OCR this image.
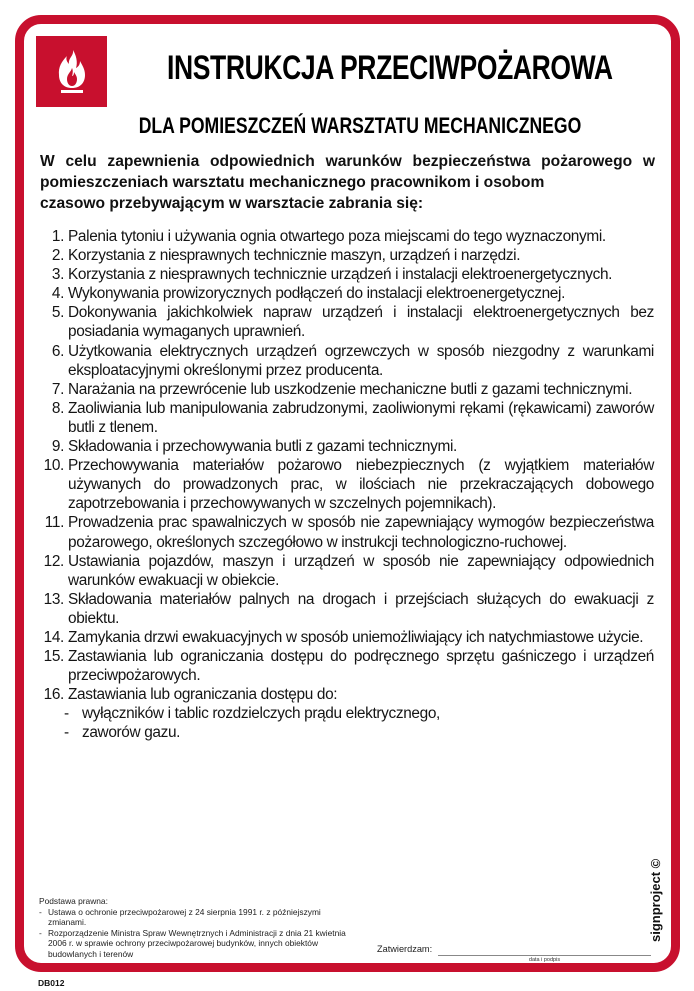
INSTRUKCJA PRZECIWPOŻAROWA
DLA POMIESZCZEŃ WARSZTATU MECHANICZNEGO
W celu zapewnienia odpowiednich warunków bezpieczeństwa pożarowego w pomieszczeniach warsztatu mechanicznego pracownikom i osobom
czasowo przebywającym w warsztacie zabrania się:
1. Palenia tytoniu i używania ognia otwartego poza miejscami do tego wyznaczonymi.
2. Korzystania z niesprawnych technicznie maszyn, urządzeń i narzędzi.
3. Korzystania z niesprawnych technicznie urządzeń i instalacji elektroenergetycznych.
4. Wykonywania prowizorycznych podłączeń do instalacji elektroenergetycznej.
5. Dokonywania jakichkolwiek napraw urządzeń i instalacji elektroenergetycznych bez posiadania wymaganych uprawnień.
6. Użytkowania elektrycznych urządzeń ogrzewczych w sposób niezgodny z warunkami eksploatacyjnymi określonymi przez producenta.
7. Narażania na przewrócenie lub uszkodzenie mechaniczne butli z gazami technicznymi.
8. Zaoliwiania lub manipulowania zabrudzonymi, zaoliwionymi rękami (rękawicami) zaworów butli z tlenem.
9. Składowania i przechowywania butli z gazami technicznymi.
10. Przechowywania materiałów pożarowo niebezpiecznych (z wyjątkiem materiałów używanych do prowadzonych prac, w ilościach nie przekraczających dobowego zapotrzebowania i przechowywanych w szczelnych pojemnikach).
11. Prowadzenia prac spawalniczych w sposób nie zapewniający wymogów bezpieczeństwa pożarowego, określonych szczegółowo w instrukcji technologiczno-ruchowej.
12. Ustawiania pojazdów, maszyn i urządzeń w sposób nie zapewniający odpowiednich warunków ewakuacji w obiekcie.
13. Składowania materiałów palnych na drogach i przejściach służących do ewakuacji z obiektu.
14. Zamykania drzwi ewakuacyjnych w sposób uniemożliwiający ich natychmiastowe użycie.
15. Zastawiania lub ograniczania dostępu do podręcznego sprzętu gaśniczego i urządzeń przeciwpożarowych.
16. Zastawiania lub ograniczania dostępu do:
- wyłączników i tablic rozdzielczych prądu elektrycznego,
- zaworów gazu.
Podstawa prawna:
- Ustawa o ochronie przeciwpożarowej z 24 sierpnia 1991 r. z późniejszymi zmianami.
- Rozporządzenie Ministra Spraw Wewnętrznych i Administracji z dnia 21 kwietnia 2006 r. w sprawie ochrony przeciwpożarowej budynków, innych obiektów budowlanych i terenów	Zatwierdzam:
data i podpis
signproject ©
DB012
